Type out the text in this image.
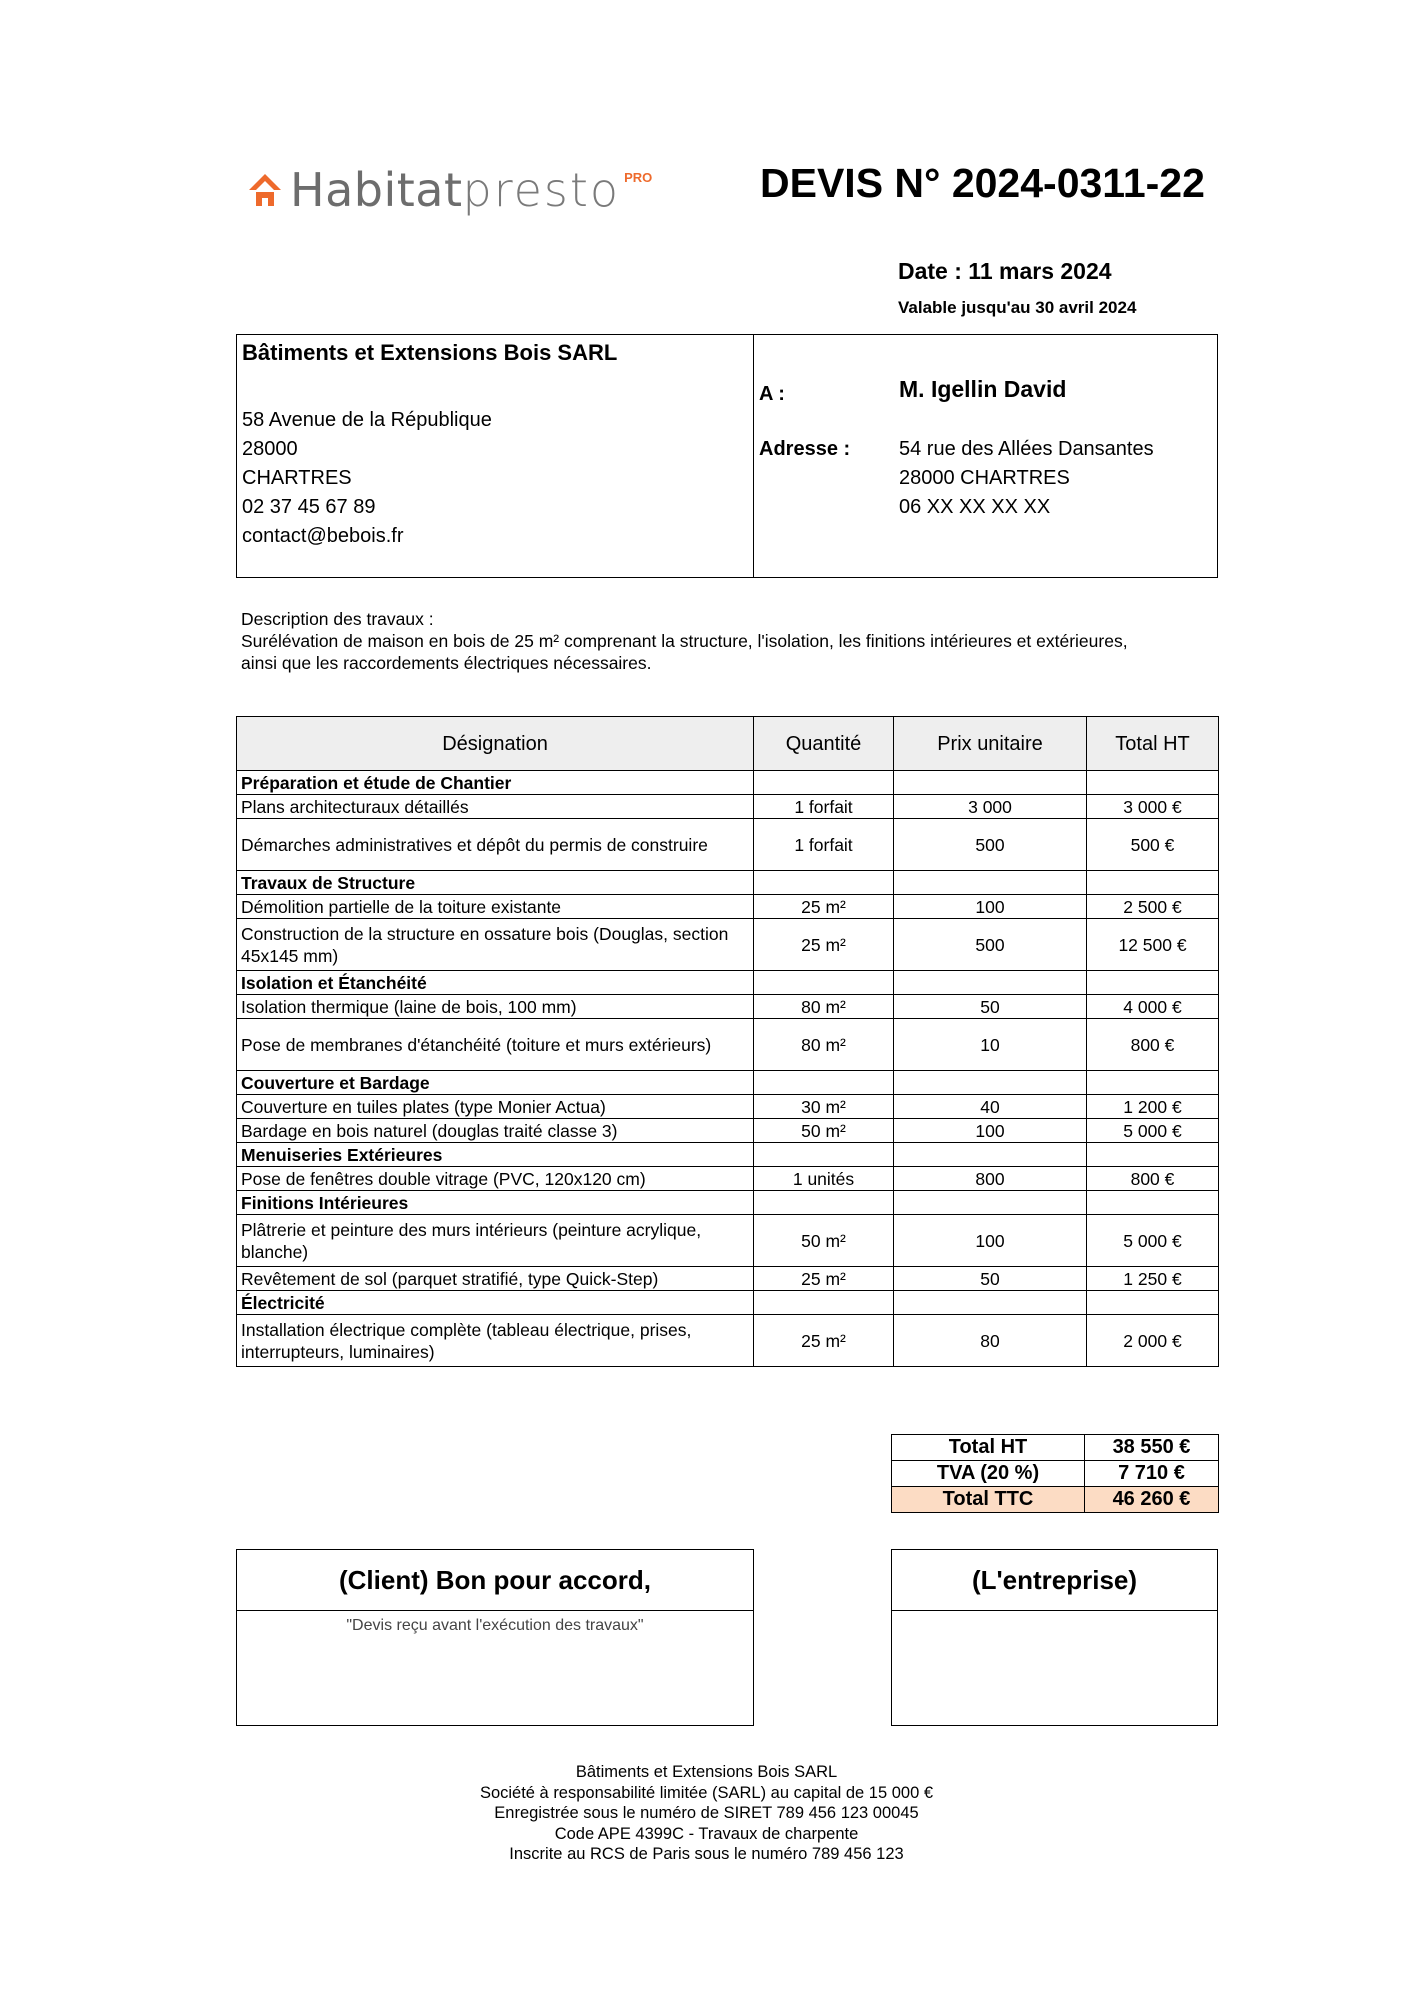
Habitatpresto PRO	DEVIS N° 2024-0311-22
Date : 11 mars 2024
Valable jusqu'au 30 avril 2024
Bâtiments et Extensions Bois SARL
58 Avenue de la République
28000
CHARTRES
02 37 45 67 89
contact@bebois.fr
A :	M. Igellin David
Adresse : 54 rue des Allées Dansantes
28000 CHARTRES
06 XX XX XX XX
Description des travaux :
Surélévation de maison en bois de 25 m² comprenant la structure, l'isolation, les finitions intérieures et extérieures, ainsi que les raccordements électriques nécessaires.
Désignation	Quantité	Prix unitaire	Total HT
Préparation et étude de Chantier			
Plans architecturaux détaillés	1 forfait	3 000	3 000 €
Démarches administratives et dépôt du permis de construire	1 forfait	500	500 €
Travaux de Structure			
Démolition partielle de la toiture existante	25 m²	100	2 500 €
Construction de la structure en ossature bois (Douglas, section 45x145 mm)	25 m²	500	12 500 €
Isolation et Étanchéité			
Isolation thermique (laine de bois, 100 mm)	80 m²	50	4 000 €
Pose de membranes d'étanchéité (toiture et murs extérieurs)	80 m²	10	800 €
Couverture et Bardage			
Couverture en tuiles plates (type Monier Actua)	30 m²	40	1 200 €
Bardage en bois naturel (douglas traité classe 3)	50 m²	100	5 000 €
Menuiseries Extérieures			
Pose de fenêtres double vitrage (PVC, 120x120 cm)	1 unités	800	800 €
Finitions Intérieures			
Plâtrerie et peinture des murs intérieurs (peinture acrylique, blanche)	50 m²	100	5 000 €
Revêtement de sol (parquet stratifié, type Quick-Step)	25 m²	50	1 250 €
Électricité			
Installation électrique complète (tableau électrique, prises, interrupteurs, luminaires)	25 m²	80	2 000 €
Total HT	38 550 €
TVA (20 %)	7 710 €
Total TTC	46 260 €
(Client) Bon pour accord,
"Devis reçu avant l'exécution des travaux"
(L'entreprise)
Bâtiments et Extensions Bois SARL
Société à responsabilité limitée (SARL) au capital de 15 000 €
Enregistrée sous le numéro de SIRET 789 456 123 00045
Code APE 4399C - Travaux de charpente
Inscrite au RCS de Paris sous le numéro 789 456 123
